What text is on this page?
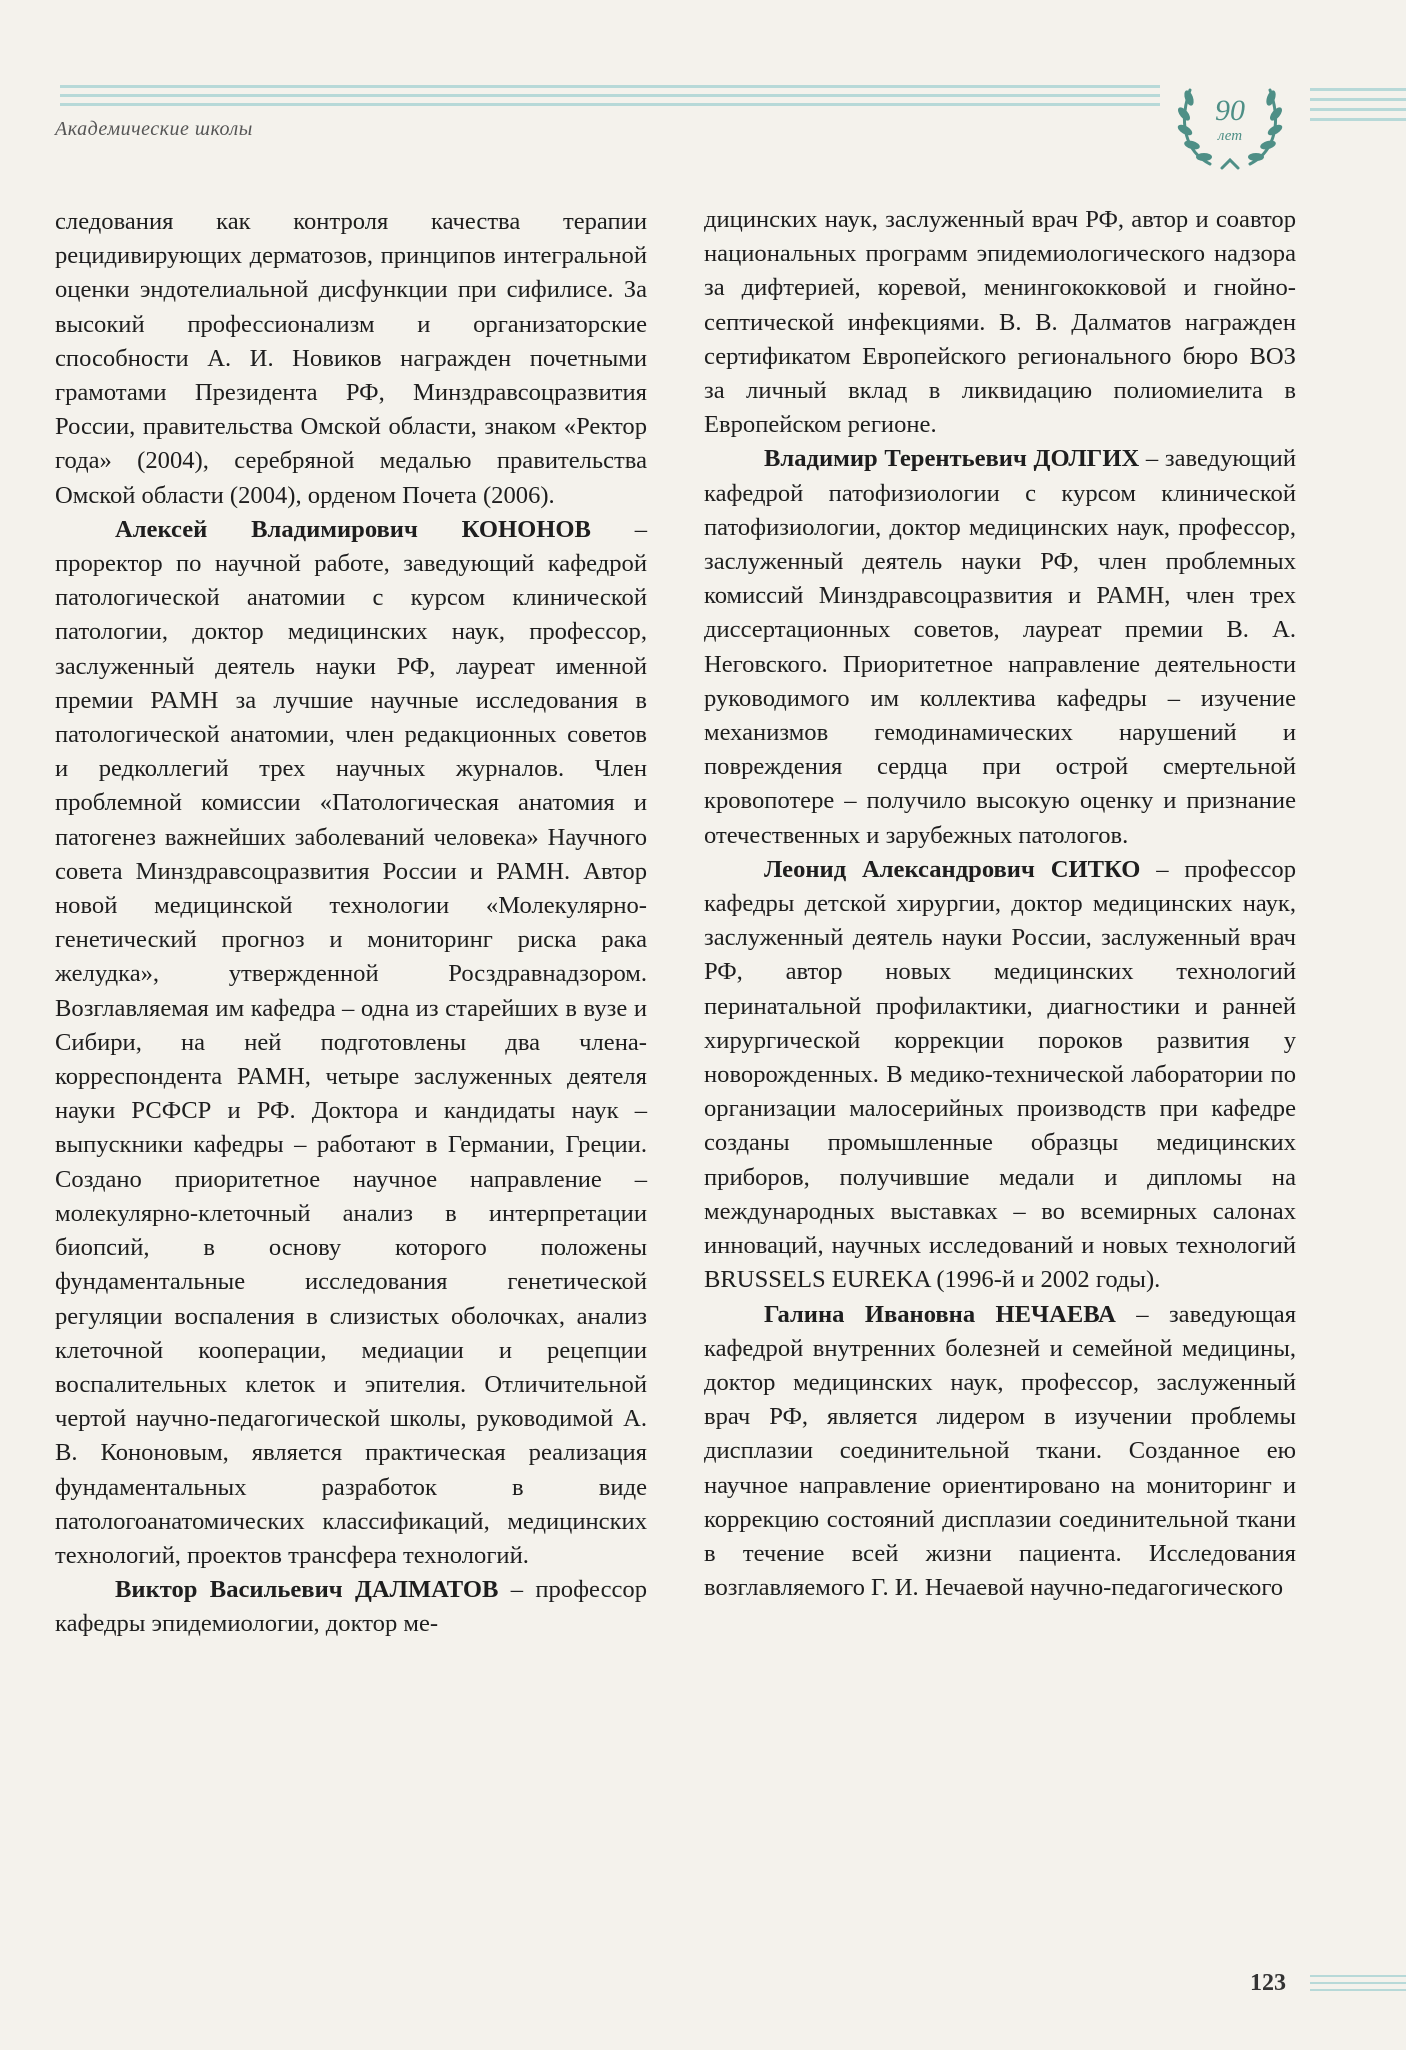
Академические школы
90
лет

следования как контроля качества терапии рецидивирующих дерматозов, принципов интегральной оценки эндотелиальной дисфункции при сифилисе. За высокий профессионализм и организаторские способности А. И. Новиков награжден почетными грамотами Президента РФ, Минздравсоцразвития России, правительства Омской области, знаком «Ректор года» (2004), серебряной медалью правительства Омской области (2004), орденом Почета (2006).

Алексей Владимирович КОНОНОВ – проректор по научной работе, заведующий кафедрой патологической анатомии с курсом клинической патологии, доктор медицинских наук, профессор, заслуженный деятель науки РФ, лауреат именной премии РАМН за лучшие научные исследования в патологической анатомии, член редакционных советов и редколлегий трех научных журналов. Член проблемной комиссии «Патологическая анатомия и патогенез важнейших заболеваний человека» Научного совета Минздравсоцразвития России и РАМН. Автор новой медицинской технологии «Молекулярно-генетический прогноз и мониторинг риска рака желудка», утвержденной Росздравнадзором. Возглавляемая им кафедра – одна из старейших в вузе и Сибири, на ней подготовлены два члена-корреспондента РАМН, четыре заслуженных деятеля науки РСФСР и РФ. Доктора и кандидаты наук – выпускники кафедры – работают в Германии, Греции. Создано приоритетное научное направление – молекулярно-клеточный анализ в интерпретации биопсий, в основу которого положены фундаментальные исследования генетической регуляции воспаления в слизистых оболочках, анализ клеточной кооперации, медиации и рецепции воспалительных клеток и эпителия. Отличительной чертой научно-педагогической школы, руководимой А. В. Кононовым, является практическая реализация фундаментальных разработок в виде патологоанатомических классификаций, медицинских технологий, проектов трансфера технологий.

Виктор Васильевич ДАЛМАТОВ – профессор кафедры эпидемиологии, доктор ме-

дицинских наук, заслуженный врач РФ, автор и соавтор национальных программ эпидемиологического надзора за дифтерией, коревой, менингококковой и гнойно-септической инфекциями. В. В. Далматов награжден сертификатом Европейского регионального бюро ВОЗ за личный вклад в ликвидацию полиомиелита в Европейском регионе.

Владимир Терентьевич ДОЛГИХ – заведующий кафедрой патофизиологии с курсом клинической патофизиологии, доктор медицинских наук, профессор, заслуженный деятель науки РФ, член проблемных комиссий Минздравсоцразвития и РАМН, член трех диссертационных советов, лауреат премии В. А. Неговского. Приоритетное направление деятельности руководимого им коллектива кафедры – изучение механизмов гемодинамических нарушений и повреждения сердца при острой смертельной кровопотере – получило высокую оценку и признание отечественных и зарубежных патологов.

Леонид Александрович СИТКО – профессор кафедры детской хирургии, доктор медицинских наук, заслуженный деятель науки России, заслуженный врач РФ, автор новых медицинских технологий перинатальной профилактики, диагностики и ранней хирургической коррекции пороков развития у новорожденных. В медико-технической лаборатории по организации малосерийных производств при кафедре созданы промышленные образцы медицинских приборов, получившие медали и дипломы на международных выставках – во всемирных салонах инноваций, научных исследований и новых технологий BRUSSELS EUREKA (1996-й и 2002 годы).

Галина Ивановна НЕЧАЕВА – заведующая кафедрой внутренних болезней и семейной медицины, доктор медицинских наук, профессор, заслуженный врач РФ, является лидером в изучении проблемы дисплазии соединительной ткани. Созданное ею научное направление ориентировано на мониторинг и коррекцию состояний дисплазии соединительной ткани в течение всей жизни пациента. Исследования возглавляемого Г. И. Нечаевой научно-педагогического

123
